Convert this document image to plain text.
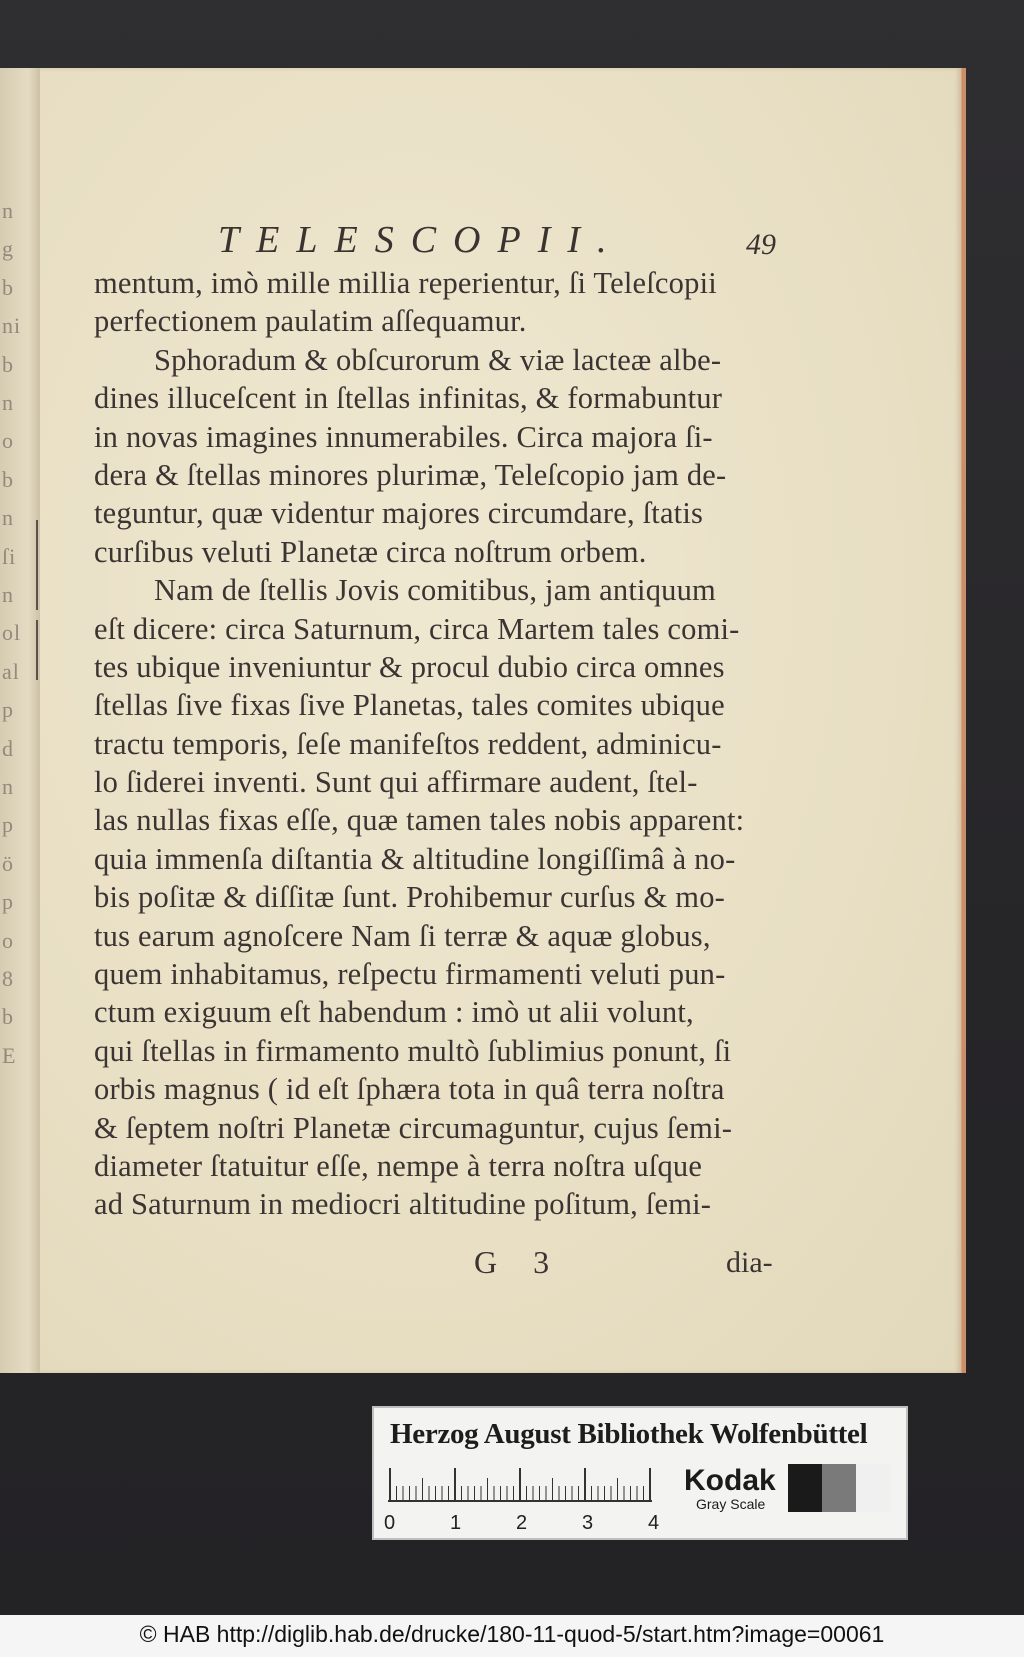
n
g
b
ni
b
n
o
b
n
ſi
n
ol
al
p
d
n
p
ö
p
o
8
b
E
TELESCOPII.	49
mentum, imò mille millia reperientur, ſi Teleſcopii
perfectionem paulatim aſſequamur.
Sphoradum & obſcurorum & viæ lacteæ albe-
dines illuceſcent in ſtellas infinitas, & formabuntur
in novas imagines innumerabiles. Circa majora ſi-
dera & ſtellas minores plurimæ, Teleſcopio jam de-
teguntur, quæ videntur majores circumdare, ſtatis
curſibus veluti Planetæ circa noſtrum orbem.
Nam de ſtellis Jovis comitibus, jam antiquum
eſt dicere: circa Saturnum, circa Martem tales comi-
tes ubique inveniuntur & procul dubio circa omnes
ſtellas ſive fixas ſive Planetas, tales comites ubique
tractu temporis, ſeſe manifeſtos reddent, adminicu-
lo ſiderei inventi. Sunt qui affirmare audent, ſtel-
las nullas fixas eſſe, quæ tamen tales nobis apparent:
quia immenſa diſtantia & altitudine longiſſimâ à no-
bis poſitæ & diſſitæ ſunt. Prohibemur curſus & mo-
tus earum agnoſcere Nam ſi terræ & aquæ globus,
quem inhabitamus, reſpectu firmamenti veluti pun-
ctum exiguum eſt habendum : imò ut alii volunt,
qui ſtellas in firmamento multò ſublimius ponunt, ſi
orbis magnus ( id eſt ſphæra tota in quâ terra noſtra
& ſeptem noſtri Planetæ circumaguntur, cujus ſemi-
diameter ſtatuitur eſſe, nempe à terra noſtra uſque
ad Saturnum in mediocri altitudine poſitum, ſemi-
G 3	dia-
Herzog August Bibliothek Wolfenbüttel
0	1	2	3	4
Kodak
Gray Scale
© HAB http://diglib.hab.de/drucke/180-11-quod-5/start.htm?image=00061
